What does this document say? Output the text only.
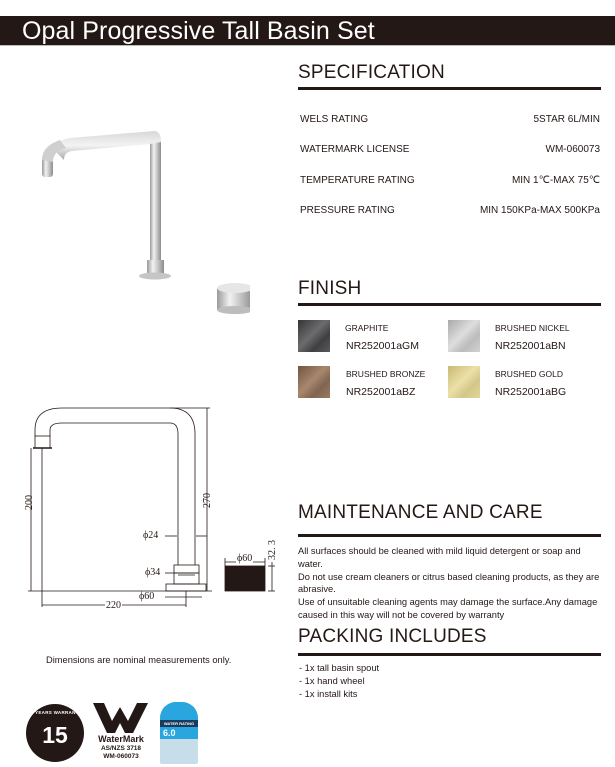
Opal Progressive Tall Basin Set
SPECIFICATION
WELS RATING	5STAR 6L/MIN
WATERMARK LICENSE	WM-060073
TEMPERATURE RATING	MIN 1℃-MAX 75℃
PRESSURE RATING	MIN 150KPa-MAX 500KPa
FINISH
GRAPHITE
NR252001aGM
BRUSHED NICKEL
NR252001aBN
BRUSHED BRONZE
NR252001aBZ
BRUSHED GOLD
NR252001aBG
200	270
220
ϕ24
ϕ34
ϕ60
ϕ60 32. 3
MAINTENANCE AND CARE
All surfaces should be cleaned with mild liquid detergent or soap and water.
Do not use cream cleaners or citrus based cleaning products, as they are abrasive.
Use of unsuitable cleaning agents may damage the surface.Any damage caused in this way will not be covered by warranty
PACKING INCLUDES
- 1x tall basin spout
- 1x hand wheel
- 1x install kits
Dimensions are nominal measurements only.
15 YEARS WARRANTY
15	WaterMark
AS/NZS 3718
WM-060073
WATER RATING
6.0
